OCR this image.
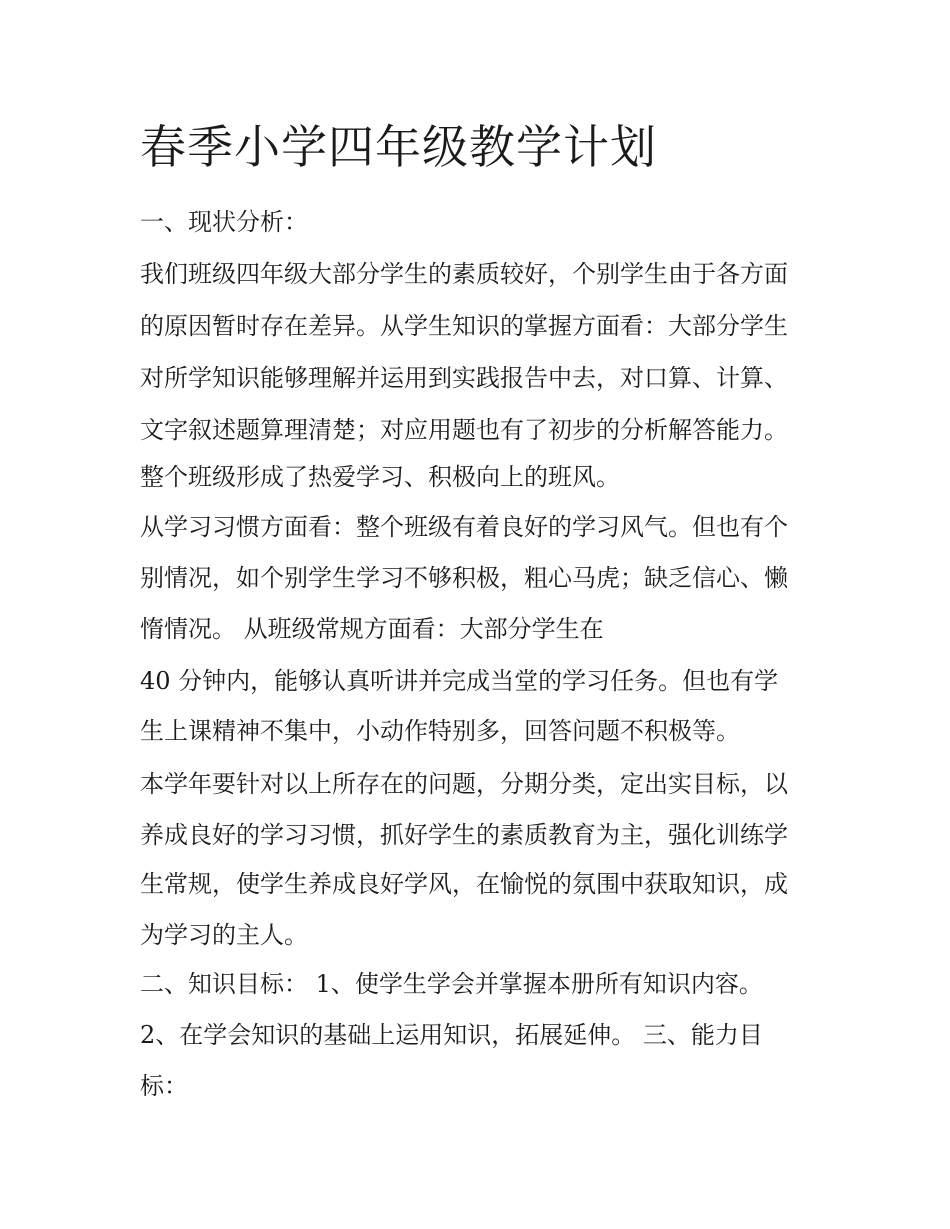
春季小学四年级教学计划

一、现状分析：

我们班级四年级大部分学生的素质较好，个别学生由于各方面

的原因暂时存在差异。从学生知识的掌握方面看：大部分学生

对所学知识能够理解并运用到实践报告中去，对口算、计算、

文字叙述题算理清楚；对应用题也有了初步的分析解答能力。

整个班级形成了热爱学习、积极向上的班风。

从学习习惯方面看：整个班级有着良好的学习风气。但也有个

别情况，如个别学生学习不够积极，粗心马虎；缺乏信心、懒

惰情况。 从班级常规方面看：大部分学生在

40 分钟内，能够认真听讲并完成当堂的学习任务。但也有学

生上课精神不集中，小动作特别多，回答问题不积极等。

本学年要针对以上所存在的问题，分期分类，定出实目标，以

养成良好的学习习惯，抓好学生的素质教育为主，强化训练学

生常规，使学生养成良好学风，在愉悦的氛围中获取知识，成

为学习的主人。

二、知识目标： 1、使学生学会并掌握本册所有知识内容。

2、在学会知识的基础上运用知识，拓展延伸。 三、能力目

标：
